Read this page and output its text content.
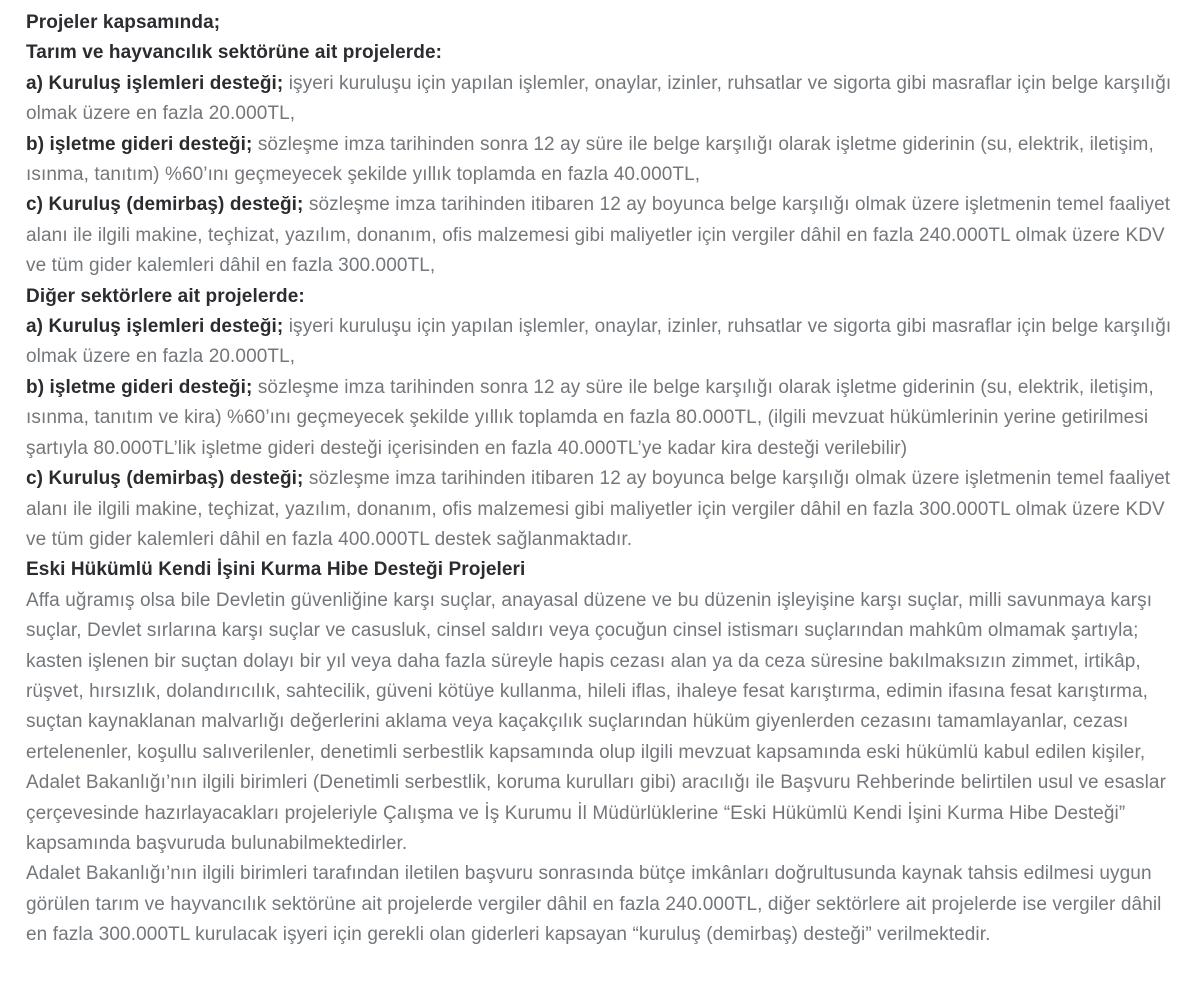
Projeler kapsamında;

Tarım ve hayvancılık sektörüne ait projelerde:

a) Kuruluş işlemleri desteği; işyeri kuruluşu için yapılan işlemler, onaylar, izinler, ruhsatlar ve sigorta gibi masraflar için belge karşılığı olmak üzere en fazla 20.000TL,

b) işletme gideri desteği; sözleşme imza tarihinden sonra 12 ay süre ile belge karşılığı olarak işletme giderinin (su, elektrik, iletişim, ısınma, tanıtım) %60’ını geçmeyecek şekilde yıllık toplamda en fazla 40.000TL,

c) Kuruluş (demirbaş) desteği; sözleşme imza tarihinden itibaren 12 ay boyunca belge karşılığı olmak üzere işletmenin temel faaliyet alanı ile ilgili makine, teçhizat, yazılım, donanım, ofis malzemesi gibi maliyetler için vergiler dâhil en fazla 240.000TL olmak üzere KDV ve tüm gider kalemleri dâhil en fazla 300.000TL,

Diğer sektörlere ait projelerde:

a) Kuruluş işlemleri desteği; işyeri kuruluşu için yapılan işlemler, onaylar, izinler, ruhsatlar ve sigorta gibi masraflar için belge karşılığı olmak üzere en fazla 20.000TL,

b) işletme gideri desteği; sözleşme imza tarihinden sonra 12 ay süre ile belge karşılığı olarak işletme giderinin (su, elektrik, iletişim, ısınma, tanıtım ve kira) %60’ını geçmeyecek şekilde yıllık toplamda en fazla 80.000TL, (ilgili mevzuat hükümlerinin yerine getirilmesi şartıyla 80.000TL’lik işletme gideri desteği içerisinden en fazla 40.000TL’ye kadar kira desteği verilebilir)

c) Kuruluş (demirbaş) desteği; sözleşme imza tarihinden itibaren 12 ay boyunca belge karşılığı olmak üzere işletmenin temel faaliyet alanı ile ilgili makine, teçhizat, yazılım, donanım, ofis malzemesi gibi maliyetler için vergiler dâhil en fazla 300.000TL olmak üzere KDV ve tüm gider kalemleri dâhil en fazla 400.000TL destek sağlanmaktadır.

Eski Hükümlü Kendi İşini Kurma Hibe Desteği Projeleri

Affa uğramış olsa bile Devletin güvenliğine karşı suçlar, anayasal düzene ve bu düzenin işleyişine karşı suçlar, milli savunmaya karşı suçlar, Devlet sırlarına karşı suçlar ve casusluk, cinsel saldırı veya çocuğun cinsel istismarı suçlarından mahkûm olmamak şartıyla; kasten işlenen bir suçtan dolayı bir yıl veya daha fazla süreyle hapis cezası alan ya da ceza süresine bakılmaksızın zimmet, irtikâp, rüşvet, hırsızlık, dolandırıcılık, sahtecilik, güveni kötüye kullanma, hileli iflas, ihaleye fesat karıştırma, edimin ifasına fesat karıştırma, suçtan kaynaklanan malvarlığı değerlerini aklama veya kaçakçılık suçlarından hüküm giyenlerden cezasını tamamlayanlar, cezası ertelenenler, koşullu salıverilenler, denetimli serbestlik kapsamında olup ilgili mevzuat kapsamında eski hükümlü kabul edilen kişiler, Adalet Bakanlığı’nın ilgili birimleri (Denetimli serbestlik, koruma kurulları gibi) aracılığı ile Başvuru Rehberinde belirtilen usul ve esaslar çerçevesinde hazırlayacakları projeleriyle Çalışma ve İş Kurumu İl Müdürlüklerine “Eski Hükümlü Kendi İşini Kurma Hibe Desteği” kapsamında başvuruda bulunabilmektedirler.

Adalet Bakanlığı’nın ilgili birimleri tarafından iletilen başvuru sonrasında bütçe imkânları doğrultusunda kaynak tahsis edilmesi uygun görülen tarım ve hayvancılık sektörüne ait projelerde vergiler dâhil en fazla 240.000TL, diğer sektörlere ait projelerde ise vergiler dâhil en fazla 300.000TL kurulacak işyeri için gerekli olan giderleri kapsayan “kuruluş (demirbaş) desteği” verilmektedir.
